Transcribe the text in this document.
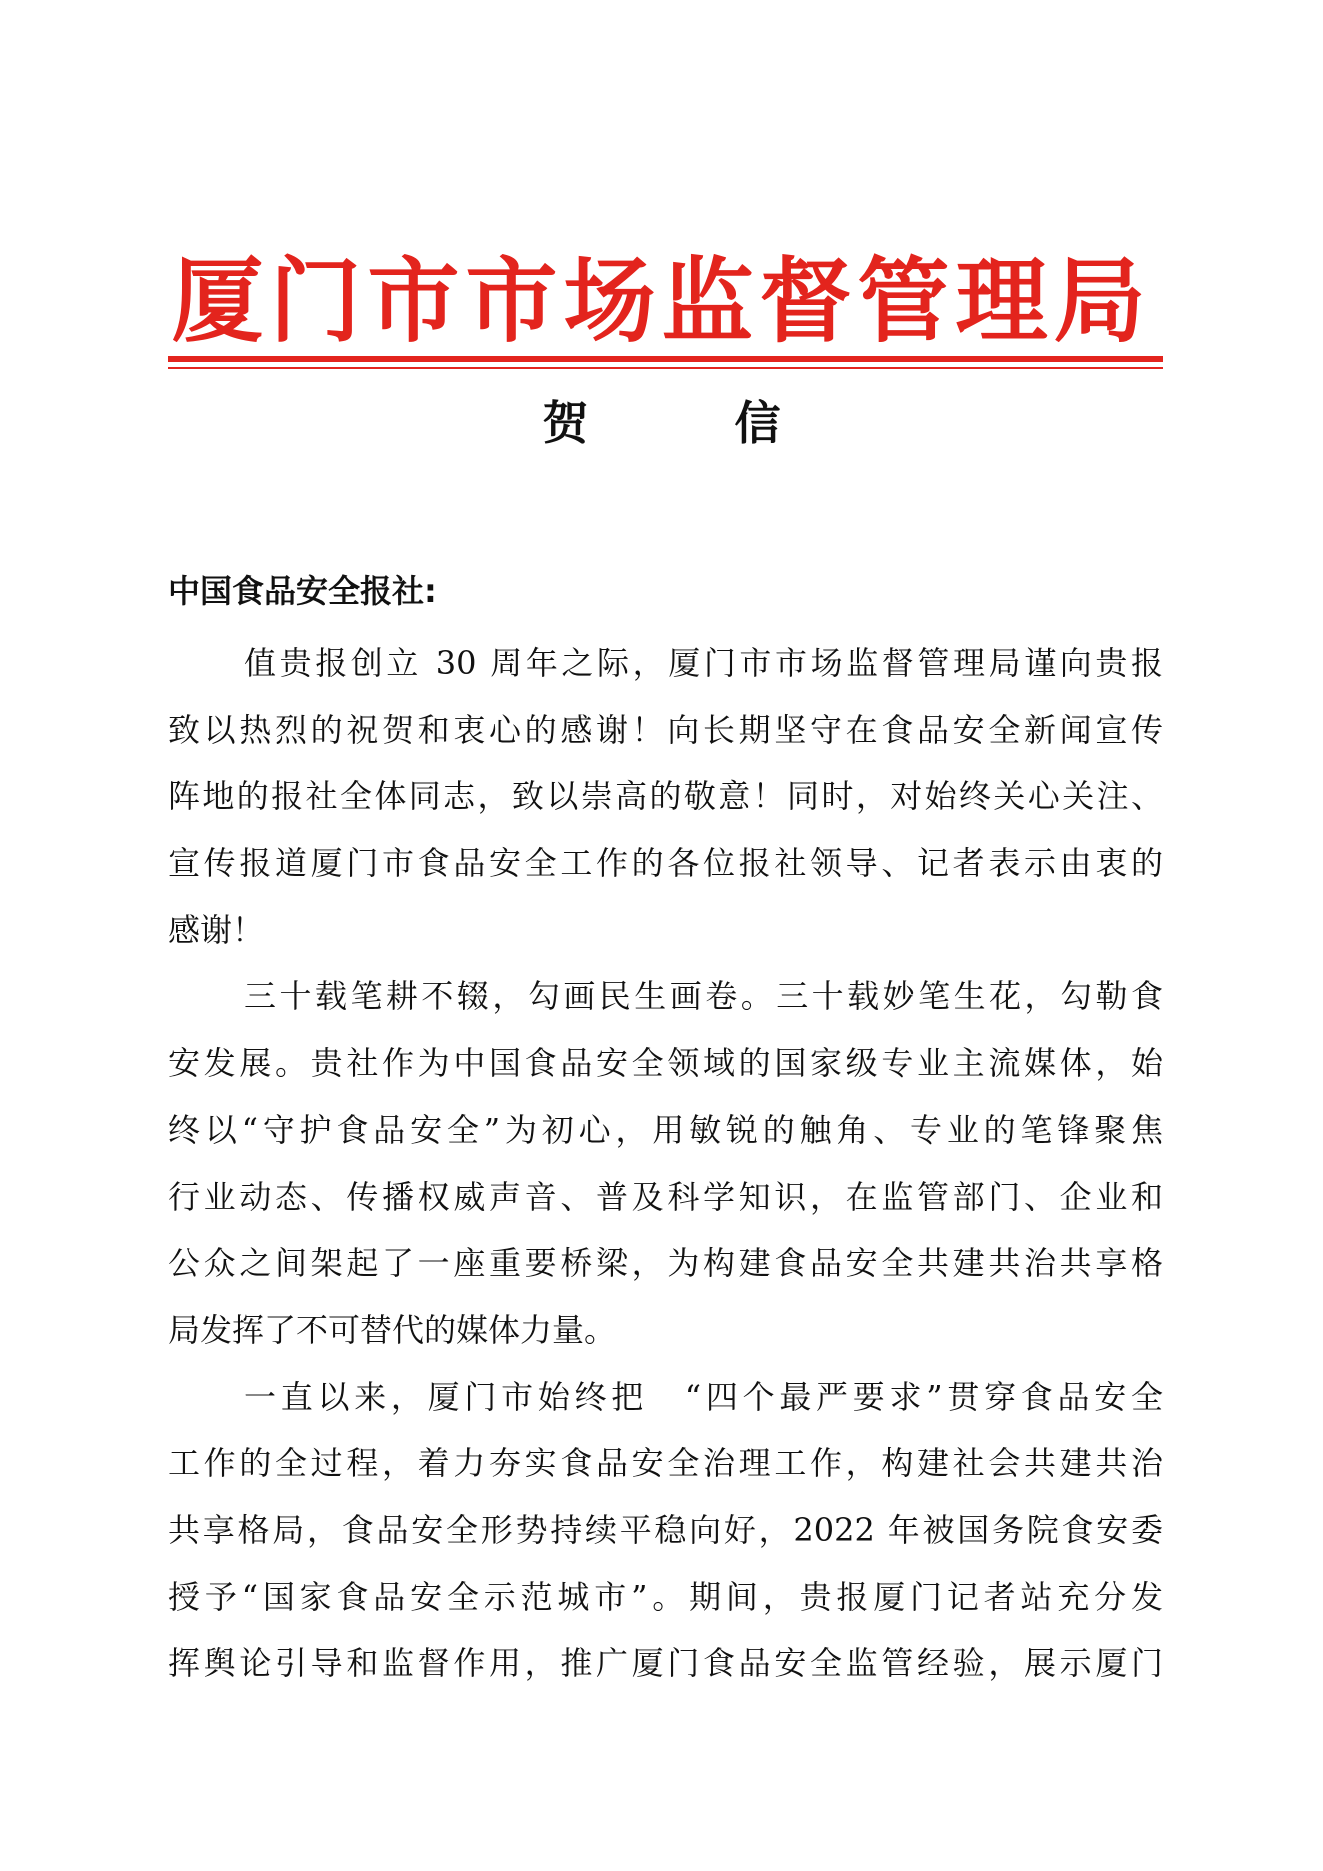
厦门市市场监督管理局
贺　信
中国食品安全报社:
值贵报创立 30 周年之际，厦门市市场监督管理局谨向贵报
致以热烈的祝贺和衷心的感谢！向长期坚守在食品安全新闻宣传
阵地的报社全体同志，致以崇高的敬意！同时，对始终关心关注、
宣传报道厦门市食品安全工作的各位报社领导、记者表示由衷的
感谢！
三十载笔耕不辍，勾画民生画卷。三十载妙笔生花，勾勒食
安发展。贵社作为中国食品安全领域的国家级专业主流媒体，始
终以“守护食品安全”为初心，用敏锐的触角、专业的笔锋聚焦
行业动态、传播权威声音、普及科学知识，在监管部门、企业和
公众之间架起了一座重要桥梁，为构建食品安全共建共治共享格
局发挥了不可替代的媒体力量。
一直以来，厦门市始终把　“四个最严要求”贯穿食品安全
工作的全过程，着力夯实食品安全治理工作，构建社会共建共治
共享格局，食品安全形势持续平稳向好，2022 年被国务院食安委
授予“国家食品安全示范城市”。期间，贵报厦门记者站充分发
挥舆论引导和监督作用，推广厦门食品安全监管经验，展示厦门
